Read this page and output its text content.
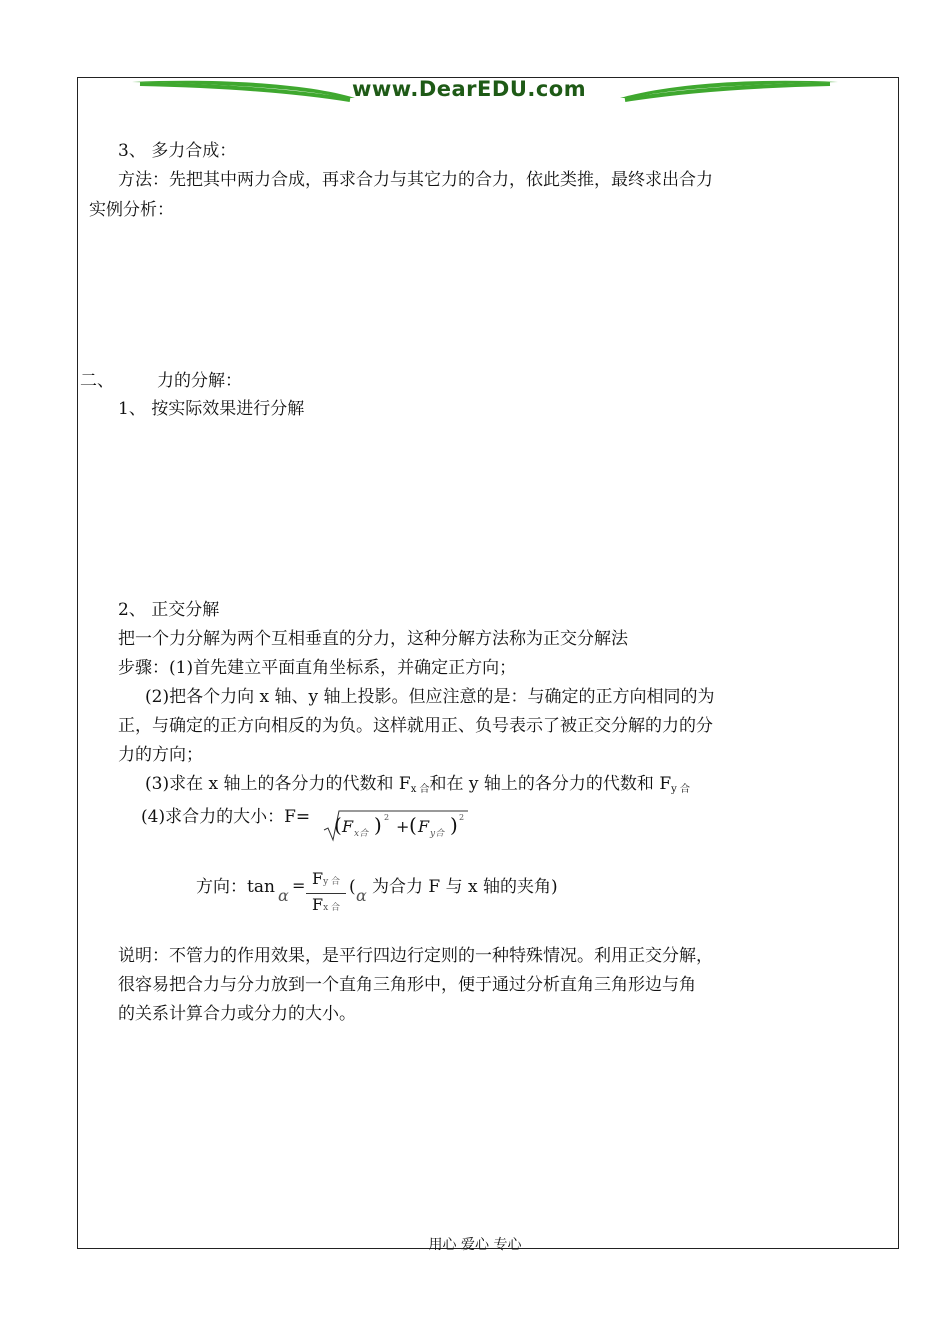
www.DearEDU.com
3、 多力合成：
方法：先把其中两力合成，再求合力与其它力的合力，依此类推，最终求出合力
实例分析：
二、	力的分解：
1、 按实际效果进行分解
2、 正交分解
把一个力分解为两个互相垂直的分力，这种分解方法称为正交分解法
步骤：(1)首先建立平面直角坐标系，并确定正方向；
(2)把各个力向 x 轴、y 轴上投影。但应注意的是：与确定的正方向相同的为
正，与确定的正方向相反的为负。这样就用正、负号表示了被正交分解的力的分
力的方向；
(3)求在 x 轴上的各分力的代数和 Fx 合和在 y 轴上的各分力的代数和 Fy 合
(4)求合力的大小：F= ( F x合 ) 2 + ( F y合 ) 2
方向：tan α
= Fy 合
Fx 合
( α 为合力 F 与 x 轴的夹角)
说明：不管力的作用效果，是平行四边行定则的一种特殊情况。利用正交分解，
很容易把合力与分力放到一个直角三角形中，便于通过分析直角三角形边与角
的关系计算合力或分力的大小。
用心 爱心 专心
